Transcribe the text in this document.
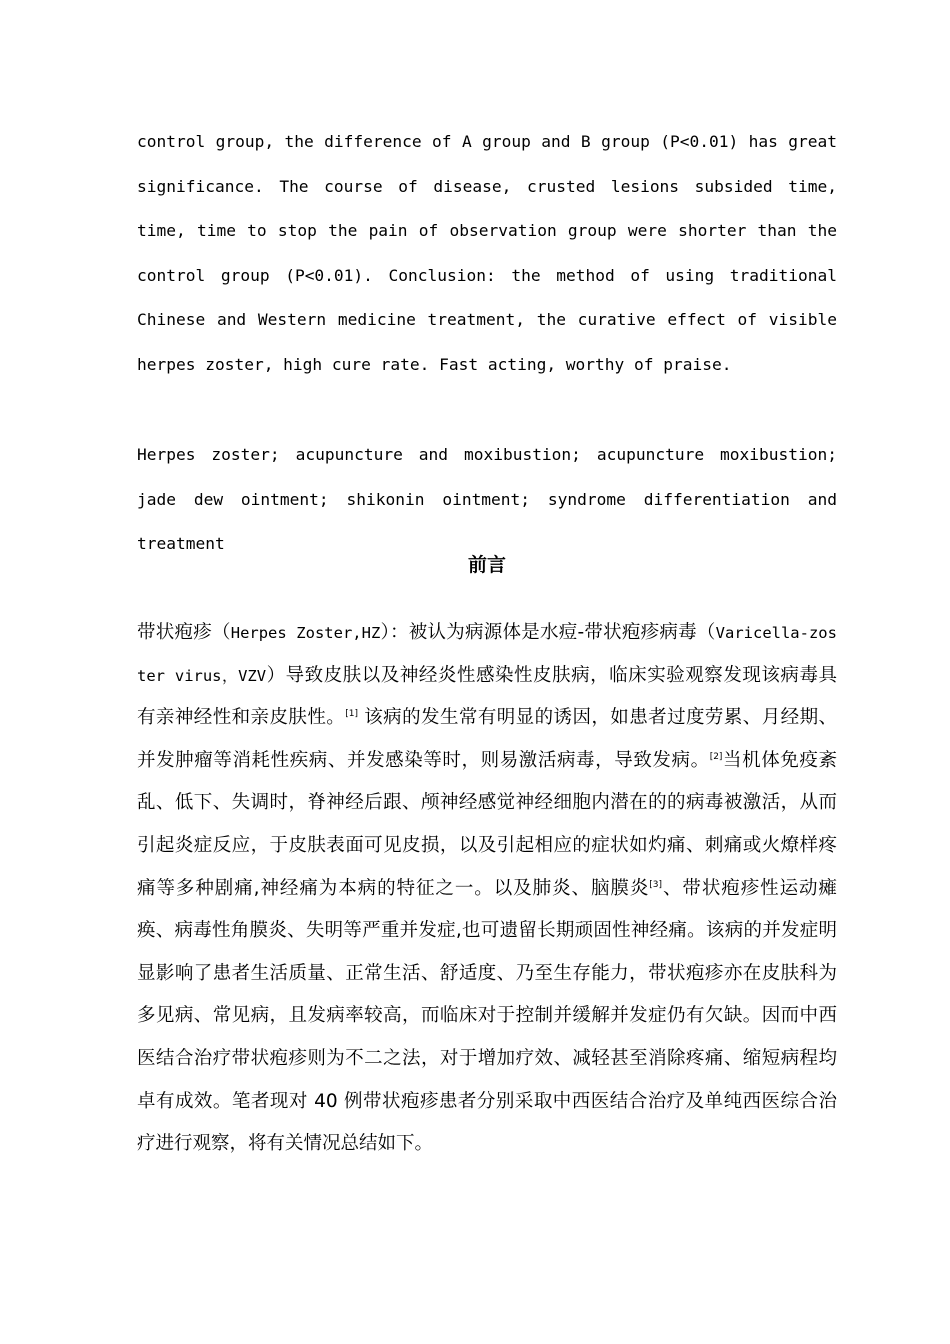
control group, the difference of A group and B group (P<0.01) has great significance. The course of disease, crusted lesions subsided time, time, time to stop the pain of observation group were shorter than the control group (P<0.01). Conclusion: the method of using traditional Chinese and Western medicine treatment, the curative effect of visible herpes zoster, high cure rate. Fast acting, worthy of praise.

Herpes zoster; acupuncture and moxibustion; acupuncture moxibustion; jade dew ointment; shikonin ointment; syndrome differentiation and treatment

前言

带状疱疹（Herpes Zoster,HZ）：被认为病源体是水痘-带状疱疹病毒（Varicella-zoster virus，VZV）导致皮肤以及神经炎性感染性皮肤病，临床实验观察发现该病毒具有亲神经性和亲皮肤性。[1] 该病的发生常有明显的诱因，如患者过度劳累、月经期、并发肿瘤等消耗性疾病、并发感染等时，则易激活病毒，导致发病。[2]当机体免疫紊乱、低下、失调时，脊神经后跟、颅神经感觉神经细胞内潜在的的病毒被激活，从而引起炎症反应，于皮肤表面可见皮损，以及引起相应的症状如灼痛、刺痛或火燎样疼痛等多种剧痛,神经痛为本病的特征之一。以及肺炎、脑膜炎[3]、带状疱疹性运动瘫痪、病毒性角膜炎、失明等严重并发症,也可遗留长期顽固性神经痛。该病的并发症明显影响了患者生活质量、正常生活、舒适度、乃至生存能力，带状疱疹亦在皮肤科为多见病、常见病，且发病率较高，而临床对于控制并缓解并发症仍有欠缺。因而中西医结合治疗带状疱疹则为不二之法，对于增加疗效、减轻甚至消除疼痛、缩短病程均卓有成效。笔者现对 40 例带状疱疹患者分别采取中西医结合治疗及单纯西医综合治疗进行观察，将有关情况总结如下。
